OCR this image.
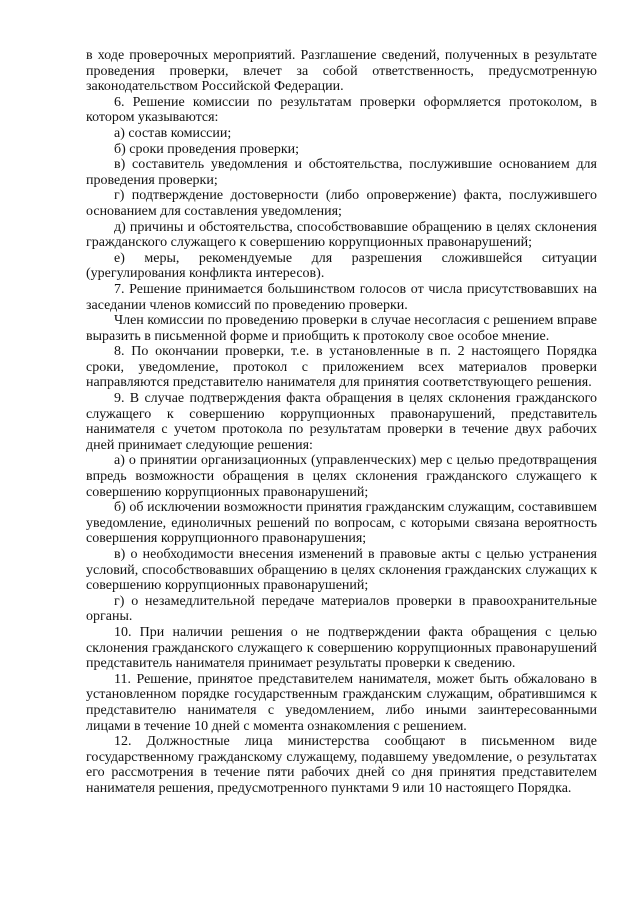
в ходе проверочных мероприятий. Разглашение сведений, полученных в результате проведения проверки, влечет за собой ответственность, предусмотренную законодательством Российской Федерации.

6. Решение комиссии по результатам проверки оформляется протоколом, в котором указываются:

а) состав комиссии;

б) сроки проведения проверки;

в) составитель уведомления и обстоятельства, послужившие основанием для проведения проверки;

г) подтверждение достоверности (либо опровержение) факта, послужившего основанием для составления уведомления;

д) причины и обстоятельства, способствовавшие обращению в целях склонения гражданского служащего к совершению коррупционных правонарушений;

е) меры, рекомендуемые для разрешения сложившейся ситуации (урегулирования конфликта интересов).

7. Решение принимается большинством голосов от числа присутствовавших на заседании членов комиссий по проведению проверки.

Член комиссии по проведению проверки в случае несогласия с решением вправе выразить в письменной форме и приобщить к протоколу свое особое мнение.

8. По окончании проверки, т.е. в установленные в п. 2 настоящего Порядка сроки, уведомление, протокол с приложением всех материалов проверки направляются представителю нанимателя для принятия соответствующего решения.

9. В случае подтверждения факта обращения в целях склонения гражданского служащего к совершению коррупционных правонарушений, представитель нанимателя с учетом протокола по результатам проверки в течение двух рабочих дней принимает следующие решения:

а) о принятии организационных (управленческих) мер с целью предотвращения впредь возможности обращения в целях склонения гражданского служащего к совершению коррупционных правонарушений;

б) об исключении возможности принятия гражданским служащим, составившем уведомление, единоличных решений по вопросам, с которыми связана вероятность совершения коррупционного правонарушения;

в) о необходимости внесения изменений в правовые акты с целью устранения условий, способствовавших обращению в целях склонения гражданских служащих к совершению коррупционных правонарушений;

г) о незамедлительной передаче материалов проверки в правоохранительные органы.

10. При наличии решения о не подтверждении факта обращения с целью склонения гражданского служащего к совершению коррупционных правонарушений представитель нанимателя принимает результаты проверки к сведению.

11. Решение, принятое представителем нанимателя, может быть обжаловано в установленном порядке государственным гражданским служащим, обратившимся к представителю нанимателя с уведомлением, либо иными заинтересованными лицами в течение 10 дней с момента ознакомления с решением.

12. Должностные лица министерства сообщают в письменном виде государственному гражданскому служащему, подавшему уведомление, о результатах его рассмотрения в течение пяти рабочих дней со дня принятия представителем нанимателя решения, предусмотренного пунктами 9 или 10 настоящего Порядка.
